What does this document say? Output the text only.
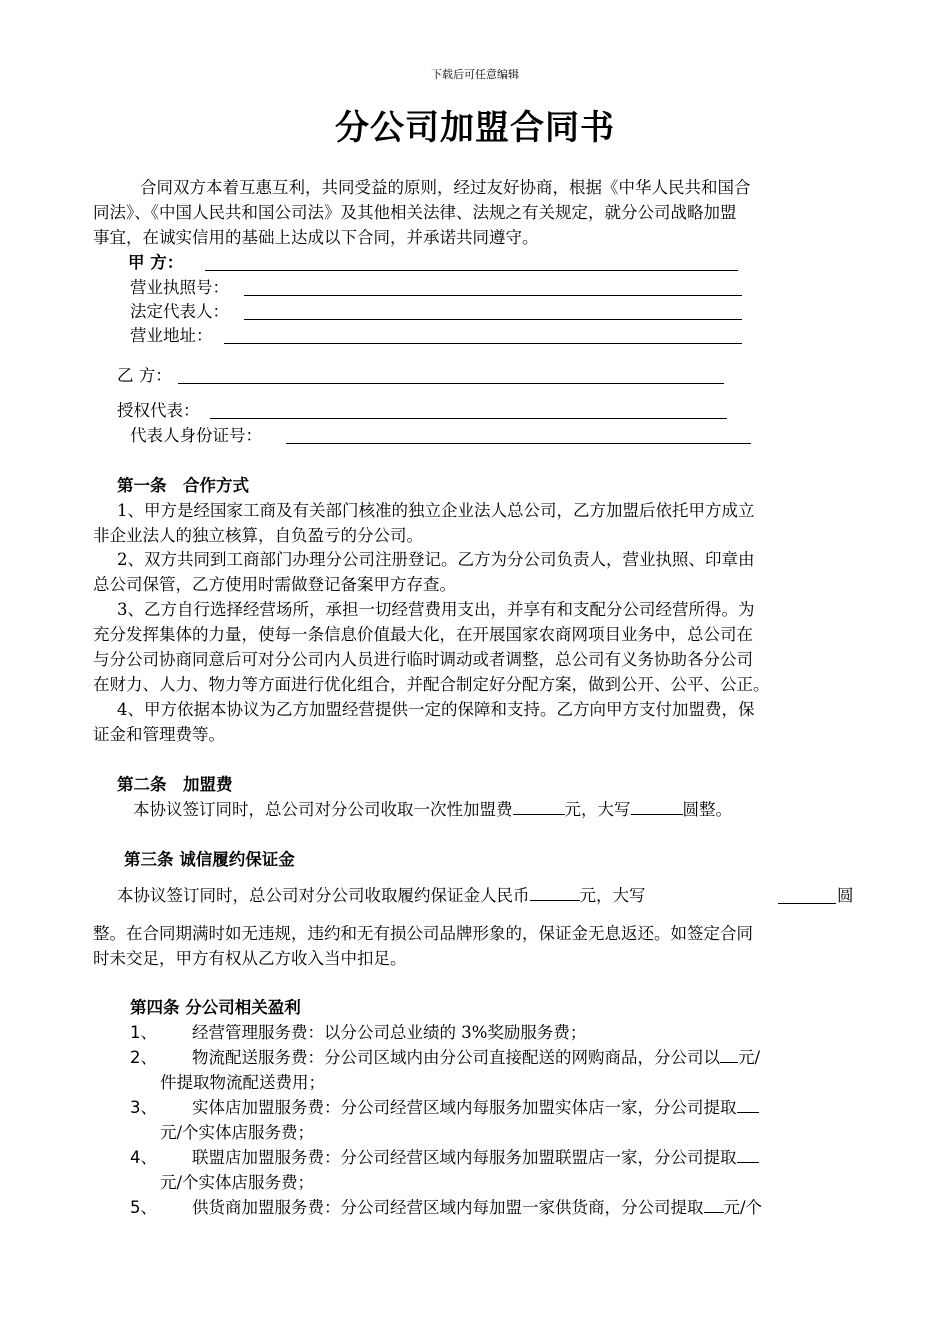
下载后可任意编辑
分公司加盟合同书
合同双方本着互惠互利，共同受益的原则，经过友好协商，根据《中华人民共和国合
同法》、《中国人民共和国公司法》及其他相关法律、法规之有关规定，就分公司战略加盟
事宜，在诚实信用的基础上达成以下合同，并承诺共同遵守。
甲 方：
营业执照号：
法定代表人：
营业地址：
乙 方：
授权代表：
代表人身份证号：
第一条　合作方式
1、甲方是经国家工商及有关部门核准的独立企业法人总公司，乙方加盟后依托甲方成立
非企业法人的独立核算，自负盈亏的分公司。
2、双方共同到工商部门办理分公司注册登记。乙方为分公司负责人，营业执照、印章由
总公司保管，乙方使用时需做登记备案甲方存查。
3、乙方自行选择经营场所，承担一切经营费用支出，并享有和支配分公司经营所得。为
充分发挥集体的力量，使每一条信息价值最大化，在开展国家农商网项目业务中，总公司在
与分公司协商同意后可对分公司内人员进行临时调动或者调整，总公司有义务协助各分公司
在财力、人力、物力等方面进行优化组合，并配合制定好分配方案，做到公开、公平、公正。
4、甲方依据本协议为乙方加盟经营提供一定的保障和支持。乙方向甲方支付加盟费，保
证金和管理费等。
第二条　加盟费
本协议签订同时，总公司对分公司收取一次性加盟费	元，大写	圆整。
第三条 诚信履约保证金
本协议签订同时，总公司对分公司收取履约保证金人民币	元，大写	圆
整。在合同期满时如无违规，违约和无有损公司品牌形象的，保证金无息返还。如签定合同
时未交足，甲方有权从乙方收入当中扣足。
第四条 分公司相关盈利
1、 经营管理服务费：以分公司总业绩的 3%奖励服务费；
2、 物流配送服务费：分公司区域内由分公司直接配送的网购商品，分公司以 元/
件提取物流配送费用；
3、 实体店加盟服务费：分公司经营区域内每服务加盟实体店一家，分公司提取
元/个实体店服务费；
4、 联盟店加盟服务费：分公司经营区域内每服务加盟联盟店一家，分公司提取
元/个实体店服务费；
5、 供货商加盟服务费：分公司经营区域内每加盟一家供货商，分公司提取 元/个
